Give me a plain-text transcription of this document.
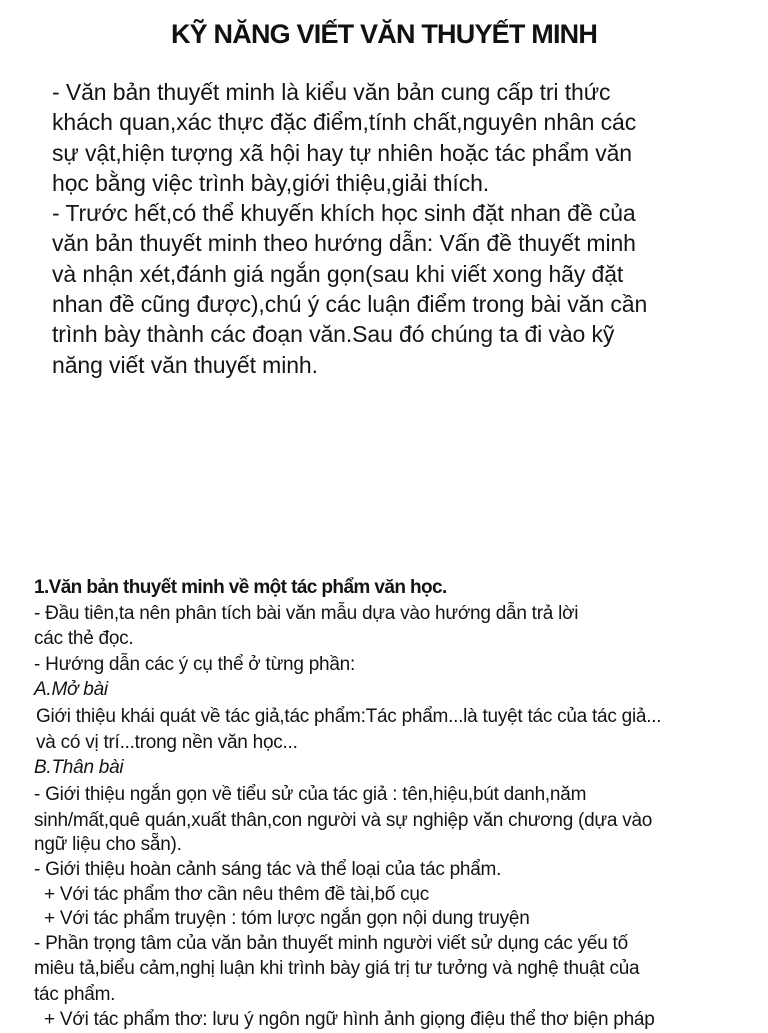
KỸ NĂNG VIẾT VĂN THUYẾT MINH
- Văn bản thuyết minh là kiểu văn bản cung cấp tri thức
khách quan,xác thực đặc điểm,tính chất,nguyên nhân các
sự vật,hiện tượng xã hội hay tự nhiên hoặc tác phẩm văn
học bằng việc trình bày,giới thiệu,giải thích.
- Trước hết,có thể khuyến khích học sinh đặt nhan đề của
văn bản thuyết minh theo hướng dẫn: Vấn đề thuyết minh
và nhận xét,đánh giá ngắn gọn(sau khi viết xong hãy đặt
nhan đề cũng được),chú ý các luận điểm trong bài văn cần
trình bày thành các đoạn văn.Sau đó chúng ta đi vào kỹ
năng viết văn thuyết minh.
1.Văn bản thuyết minh về một tác phẩm văn học.
- Đầu tiên,ta nên phân tích bài văn mẫu dựa vào hướng dẫn trả lời
các thẻ đọc.
- Hướng dẫn các ý cụ thể ở từng phần:
A.Mở bài
Giới thiệu khái quát về tác giả,tác phẩm:Tác phẩm...là tuyệt tác của tác giả...
và có vị trí...trong nền văn học...
B.Thân bài
- Giới thiệu ngắn gọn về tiểu sử của tác giả : tên,hiệu,bút danh,năm
sinh/mất,quê quán,xuất thân,con người và sự nghiệp văn chương (dựa vào
ngữ liệu cho sẵn).
- Giới thiệu hoàn cảnh sáng tác và thể loại của tác phẩm.
+ Với tác phẩm thơ cần nêu thêm đề tài,bố cục
+ Với tác phẩm truyện : tóm lược ngắn gọn nội dung truyện
- Phần trọng tâm của văn bản thuyết minh người viết sử dụng các yếu tố
miêu tả,biểu cảm,nghị luận khi trình bày giá trị tư tưởng và nghệ thuật của
tác phẩm.
+ Với tác phẩm thơ: lưu ý ngôn ngữ hình ảnh giọng điệu thể thơ biện pháp
